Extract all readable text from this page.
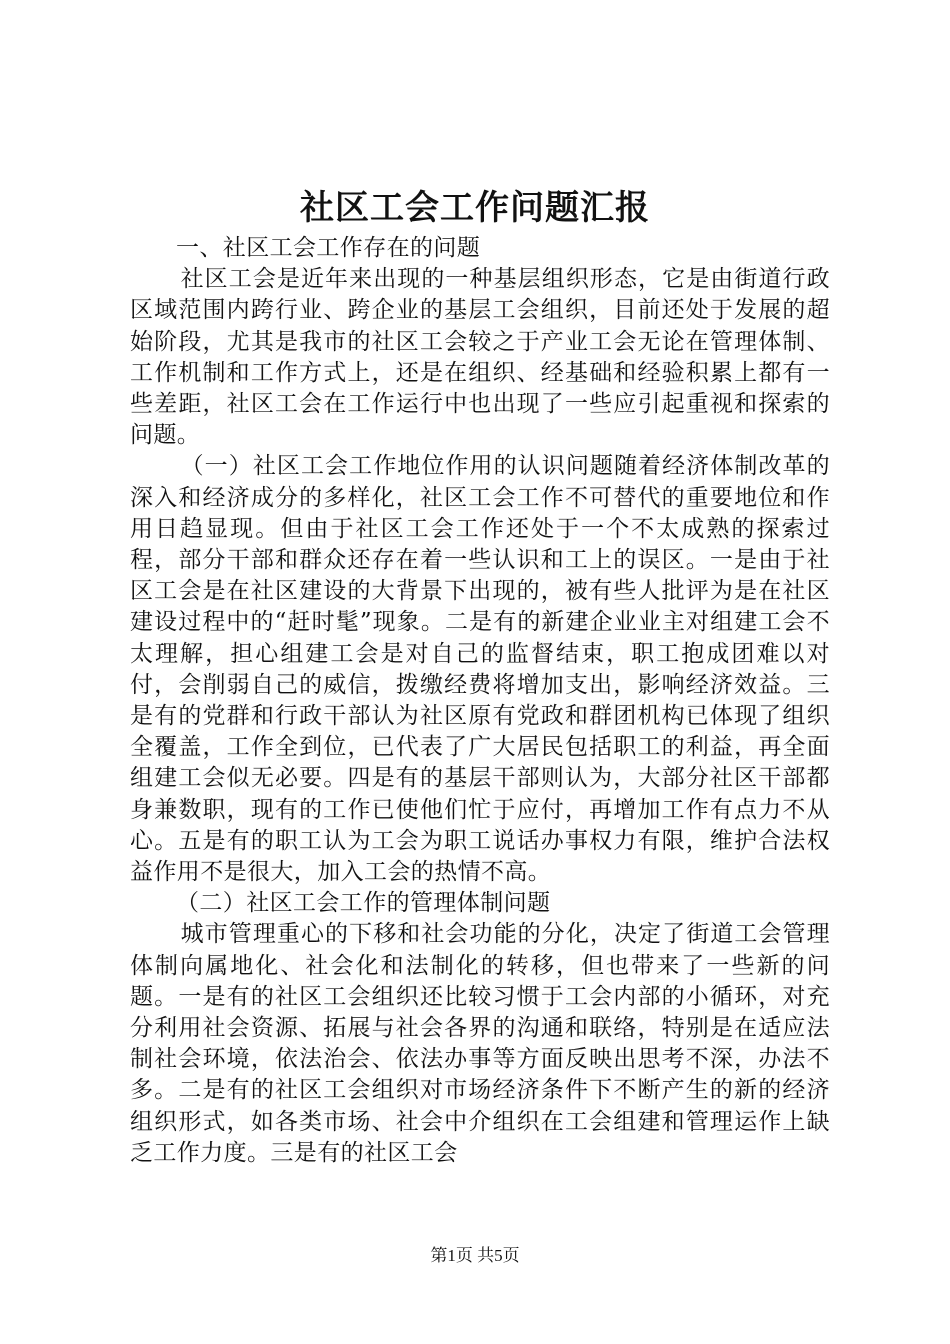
社区工会工作问题汇报

一、社区工会工作存在的问题

社区工会是近年来出现的一种基层组织形态，它是由街道行政区域范围内跨行业、跨企业的基层工会组织，目前还处于发展的超始阶段，尤其是我市的社区工会较之于产业工会无论在管理体制、工作机制和工作方式上，还是在组织、经基础和经验积累上都有一些差距，社区工会在工作运行中也出现了一些应引起重视和探索的问题。

（一）社区工会工作地位作用的认识问题随着经济体制改革的深入和经济成分的多样化，社区工会工作不可替代的重要地位和作用日趋显现。但由于社区工会工作还处于一个不太成熟的探索过程，部分干部和群众还存在着一些认识和工上的误区。一是由于社区工会是在社区建设的大背景下出现的，被有些人批评为是在社区建设过程中的“赶时髦”现象。二是有的新建企业业主对组建工会不太理解，担心组建工会是对自己的监督结束，职工抱成团难以对付，会削弱自己的威信，拨缴经费将增加支出，影响经济效益。三是有的党群和行政干部认为社区原有党政和群团机构已体现了组织全覆盖，工作全到位，已代表了广大居民包括职工的利益，再全面组建工会似无必要。四是有的基层干部则认为，大部分社区干部都身兼数职，现有的工作已使他们忙于应付，再增加工作有点力不从心。五是有的职工认为工会为职工说话办事权力有限，维护合法权益作用不是很大，加入工会的热情不高。

（二）社区工会工作的管理体制问题

城市管理重心的下移和社会功能的分化，决定了街道工会管理体制向属地化、社会化和法制化的转移，但也带来了一些新的问题。一是有的社区工会组织还比较习惯于工会内部的小循环，对充分利用社会资源、拓展与社会各界的沟通和联络，特别是在适应法制社会环境，依法治会、依法办事等方面反映出思考不深，办法不多。二是有的社区工会组织对市场经济条件下不断产生的新的经济组织形式，如各类市场、社会中介组织在工会组建和管理运作上缺乏工作力度。三是有的社区工会

第1页 共5页
